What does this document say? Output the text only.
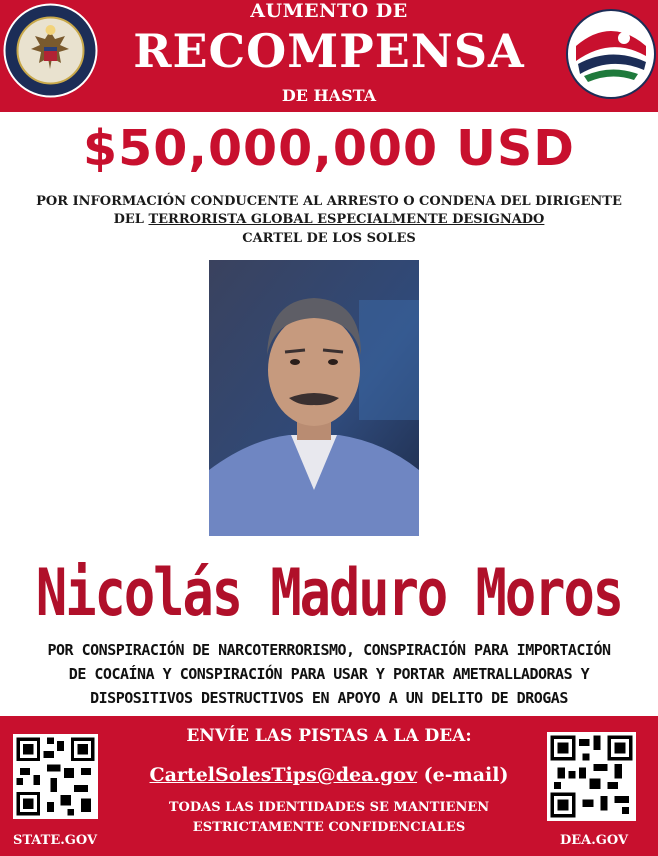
AUMENTO DE
RECOMPENSA
DE HASTA
$50,000,000 USD
POR INFORMACIÓN CONDUCENTE AL ARRESTO O CONDENA DEL DIRIGENTE
DEL TERRORISTA GLOBAL ESPECIALMENTE DESIGNADO
CARTEL DE LOS SOLES
Nicolás Maduro Moros
POR CONSPIRACIÓN DE NARCOTERRORISMO, CONSPIRACIÓN PARA IMPORTACIÓN
DE COCAÍNA Y CONSPIRACIÓN PARA USAR Y PORTAR AMETRALLADORAS Y
DISPOSITIVOS DESTRUCTIVOS EN APOYO A UN DELITO DE DROGAS
ENVÍE LAS PISTAS A LA DEA:
CartelSolesTips@dea.gov (e-mail)
TODAS LAS IDENTIDADES SE MANTIENEN
ESTRICTAMENTE CONFIDENCIALES
STATE.GOV	DEA.GOV
